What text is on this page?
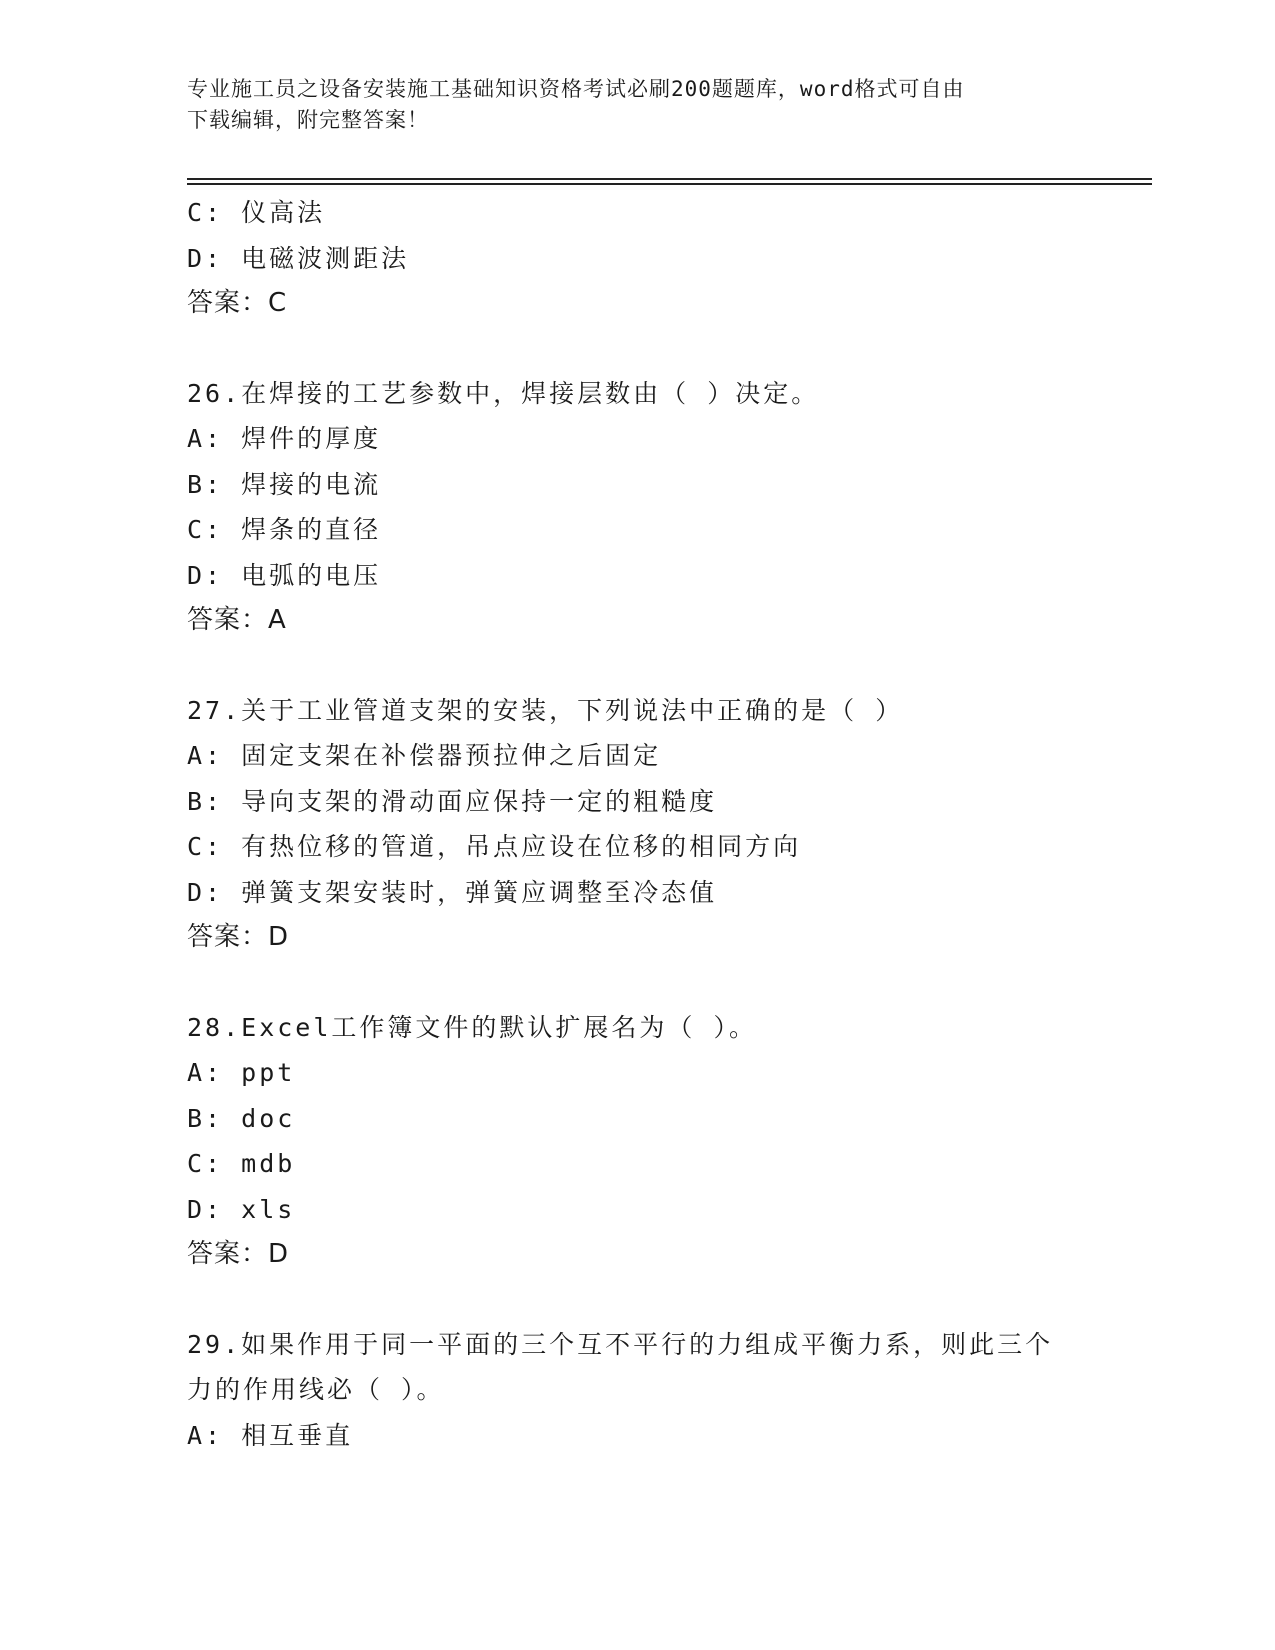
专业施工员之设备安装施工基础知识资格考试必刷200题题库，word格式可自由
下载编辑，附完整答案！
C: 仪高法
D: 电磁波测距法
答案：C
26.在焊接的工艺参数中，焊接层数由（ ）决定。
A: 焊件的厚度
B: 焊接的电流
C: 焊条的直径
D: 电弧的电压
答案：A
27.关于工业管道支架的安装，下列说法中正确的是（ ）
A: 固定支架在补偿器预拉伸之后固定
B: 导向支架的滑动面应保持一定的粗糙度
C: 有热位移的管道，吊点应设在位移的相同方向
D: 弹簧支架安装时，弹簧应调整至冷态值
答案：D
28.Excel工作簿文件的默认扩展名为（ ）。
A: ppt
B: doc
C: mdb
D: xls
答案：D
29.如果作用于同一平面的三个互不平行的力组成平衡力系，则此三个
力的作用线必（ ）。
A: 相互垂直
